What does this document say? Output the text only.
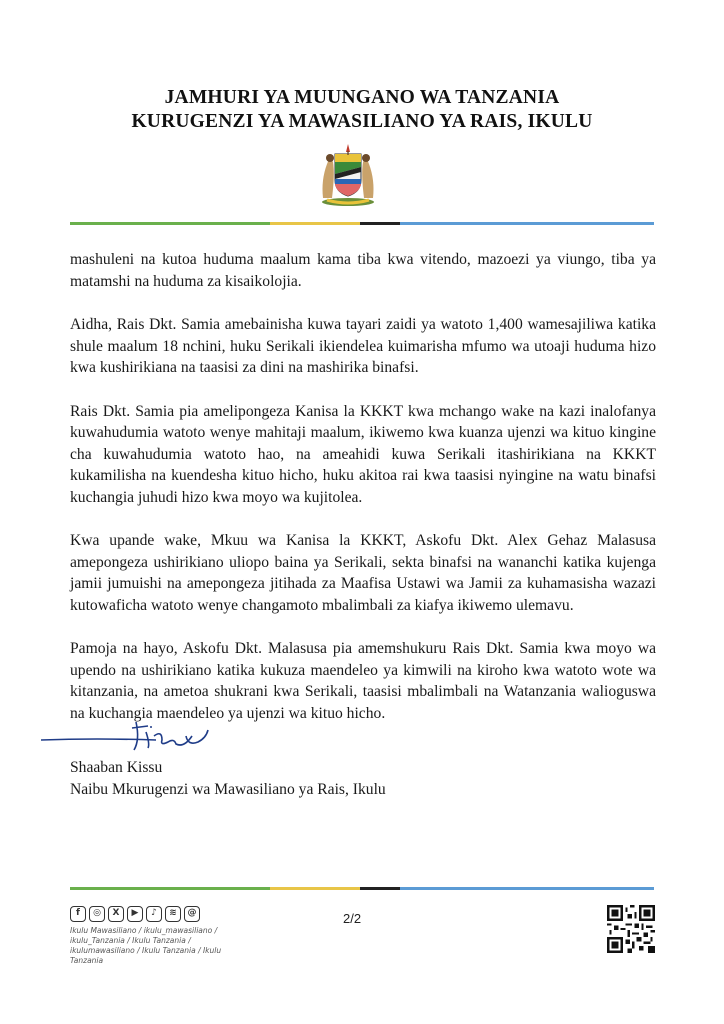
JAMHURI YA MUUNGANO WA TANZANIA
KURUGENZI YA MAWASILIANO YA RAIS, IKULU

mashuleni na kutoa huduma maalum kama tiba kwa vitendo, mazoezi ya viungo, tiba ya matamshi na huduma za kisaikolojia.

Aidha, Rais Dkt. Samia amebainisha kuwa tayari zaidi ya watoto 1,400 wamesajiliwa katika shule maalum 18 nchini, huku Serikali ikiendelea kuimarisha mfumo wa utoaji huduma hizo kwa kushirikiana na taasisi za dini na mashirika binafsi.

Rais Dkt. Samia pia amelipongeza Kanisa la KKKT kwa mchango wake na kazi inalofanya kuwahudumia watoto wenye mahitaji maalum, ikiwemo kwa kuanza ujenzi wa kituo kingine cha kuwahudumia watoto hao, na ameahidi kuwa Serikali itashirikiana na KKKT kukamilisha na kuendesha kituo hicho, huku akitoa rai kwa taasisi nyingine na watu binafsi kuchangia juhudi hizo kwa moyo wa kujitolea.

Kwa upande wake, Mkuu wa Kanisa la KKKT, Askofu Dkt. Alex Gehaz Malasusa amepongeza ushirikiano uliopo baina ya Serikali, sekta binafsi na wananchi katika kujenga jamii jumuishi na amepongeza jitihada za Maafisa Ustawi wa Jamii za kuhamasisha wazazi kutowaficha watoto wenye changamoto mbalimbali za kiafya ikiwemo ulemavu.

Pamoja na hayo, Askofu Dkt. Malasusa pia amemshukuru Rais Dkt. Samia kwa moyo wa upendo na ushirikiano katika kukuza maendeleo ya kimwili na kiroho kwa watoto wote wa kitanzania, na ametoa shukrani kwa Serikali, taasisi mbalimbali na Watanzania walioguswa na kuchangia maendeleo ya ujenzi wa kituo hicho.

Shaaban Kissu
Naibu Mkurugenzi wa Mawasiliano ya Rais, Ikulu
f	◎	X	▶	♪	≋	@
Ikulu Mawasiliano / ikulu_mawasiliano /
ikulu_Tanzania / Ikulu Tanzania /
ikulumawasiliano / Ikulu Tanzania / Ikulu Tanzania
2/2
